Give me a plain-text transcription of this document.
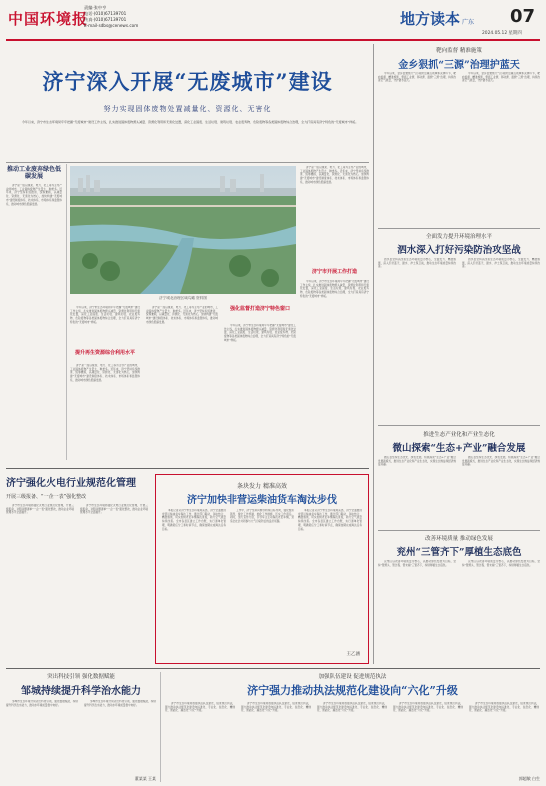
中国环境报
责编·张中亨
电话·(010)67139701
传真·(010)67139701
E-mail·sdbs@cenews.com	地方读本 广东 07
2024.05.12 星期四
济宁深入开展“无废城市”建设
努力实现固体废物处置减量化、资源化、无害化
今年以来，济宁市生态环境局牢牢把握“无废城市”建设工作主线，扎实推进固体废物源头减量、资源化利用和无害化处置，深化工业固废、生活垃圾、建筑垃圾、农业废弃物、危险废物等各类固体废物综合治理，全力打造具有济宁特色的“无废城市”样板。
推动工业废弃绿色低碳发展
济宁是一座以煤炭、电力、化工等为主导产业的城市，工业固体废物产生量大、种类多。近年来，济宁坚持系统推进、统筹兼顾，以减量化、资源化、无害化为核心，加快构建“无废城市”建设制度体系、技术体系、市场体系和监管体系，推动城市绿色低碳发展。
济宁城北治理区域鸟瞰 资料图
济宁是一座以煤炭、电力、化工等为主导产业的城市，工业固体废物产生量大、种类多。近年来，济宁坚持系统推进、统筹兼顾，以减量化、资源化、无害化为核心，加快构建“无废城市”建设制度体系、技术体系、市场体系和监管体系，推动城市绿色低碳发展。
济宁市开展工作打造
今年以来，济宁市生态环境局牢牢把握“无废城市”建设工作主线，扎实推进固体废物源头减量、资源化利用和无害化处置，深化工业固废、生活垃圾、建筑垃圾、农业废弃物、危险废物等各类固体废物综合治理，全力打造具有济宁特色的“无废城市”样板。
今年以来，济宁市生态环境局牢牢把握“无废城市”建设工作主线，扎实推进固体废物源头减量、资源化利用和无害化处置，深化工业固废、生活垃圾、建筑垃圾、农业废弃物、危险废物等各类固体废物综合治理，全力打造具有济宁特色的“无废城市”样板。
提升再生资源综合利用水平
济宁是一座以煤炭、电力、化工等为主导产业的城市，工业固体废物产生量大、种类多。近年来，济宁坚持系统推进、统筹兼顾，以减量化、资源化、无害化为核心，加快构建“无废城市”建设制度体系、技术体系、市场体系和监管体系，推动城市绿色低碳发展。
济宁是一座以煤炭、电力、化工等为主导产业的城市，工业固体废物产生量大、种类多。近年来，济宁坚持系统推进、统筹兼顾，以减量化、资源化、无害化为核心，加快构建“无废城市”建设制度体系、技术体系、市场体系和监管体系，推动城市绿色低碳发展。
强化监督打造济宁特色窗口
今年以来，济宁市生态环境局牢牢把握“无废城市”建设工作主线，扎实推进固体废物源头减量、资源化利用和无害化处置，深化工业固废、生活垃圾、建筑垃圾、农业废弃物、危险废物等各类固体废物综合治理，全力打造具有济宁特色的“无废城市”样板。
靶向监督 精准施策
金乡狠抓“三源”治理护蓝天
今年以来，金乡县聚焦大气污染防治重点领域和关键环节，靶向监督、精准施策，狠抓工业源、移动源、面源“三源”治理，持续改善空气质量，守护碧水蓝天。
今年以来，金乡县聚焦大气污染防治重点领域和关键环节，靶向监督、精准施策，狠抓工业源、移动源、面源“三源”治理，持续改善空气质量，守护碧水蓝天。
全面发力提升环境治理水平
泗水深入打好污染防治攻坚战
泗水县坚持以改善生态环境质量为核心，全面发力、精准施策，深入打好蓝天、碧水、净土保卫战，推动生态环境质量持续改善。
泗水县坚持以改善生态环境质量为核心，全面发力、精准施策，深入打好蓝天、碧水、净土保卫战，推动生态环境质量持续改善。
推进生态产业化和产业生态化
微山探索“生态+产业”融合发展
微山县坚持生态优先、绿色发展，积极探索“生态+产业”融合发展新模式，推进生态产业化和产业生态化，实现生态效益和经济效益双赢。
微山县坚持生态优先、绿色发展，积极探索“生态+产业”融合发展新模式，推进生态产业化和产业生态化，实现生态效益和经济效益双赢。
改善环境质量 推动绿色发展
兖州“三管齐下”厚植生态底色
兖州区以改善环境质量为核心，以推动绿色发展为目标，坚持“管源头、管过程、管末端”三管齐下，持续厚植生态底色。
兖州区以改善环境质量为核心，以推动绿色发展为目标，坚持“管源头、管过程、管末端”三管齐下，持续厚植生态底色。
济宁强化火电行业规范化管理
开展三级报备、“一企一表”强化整改
济宁市生态环境局强化火电行业规范化管理，开展三级报备，对照问题清单“一企一表”强化整改，推动企业环境管理水平全面提升。
济宁市生态环境局强化火电行业规范化管理，开展三级报备，对照问题清单“一企一表”强化整改，推动企业环境管理水平全面提升。
条块发力 精准高效
济宁加快非营运柴油货车淘汰步伐
本报记者从济宁市生态环境局获悉，济宁全面推进非营运柴油货车淘汰工作，通过部门联动、条块结合、精准施策，切实加快老旧车辆淘汰进度，助力空气质量持续改善。全市各县区建立工作台账，实行清单化管理，明确责任分工和时间节点，确保按期完成淘汰任务目标。
工作中，济宁坚持问题导向和目标导向，强化组织领导，健全工作机制，细化工作措施，压实工作责任。同时，加大宣传力度，引导车主主动淘汰老旧车辆，营造全社会共同参与大气污染防治的良好氛围。
本报记者从济宁市生态环境局获悉，济宁全面推进非营运柴油货车淘汰工作，通过部门联动、条块结合、精准施策，切实加快老旧车辆淘汰进度，助力空气质量持续改善。全市各县区建立工作台账，实行清单化管理，明确责任分工和时间节点，确保按期完成淘汰任务目标。
王乙涵
突出科技引领 强化数据赋能
邹城持续提升科学治水能力
邹城市生态环境分局突出科技引领，强化数据赋能，持续提升科学治水能力，推动水环境质量稳中向好。
邹城市生态环境分局突出科技引领，强化数据赋能，持续提升科学治水能力，推动水环境质量稳中向好。
董某某 王某
加强队伍建设 促进规范执法
济宁强力推动执法规范化建设向“六化”升级
济宁市生态环境局加强执法队伍建设，促进规范执法，强力推动执法规范化建设向标准化、专业化、信息化、精细化、智能化、廉洁化“六化”升级。
济宁市生态环境局加强执法队伍建设，促进规范执法，强力推动执法规范化建设向标准化、专业化、信息化、精细化、智能化、廉洁化“六化”升级。
济宁市生态环境局加强执法队伍建设，促进规范执法，强力推动执法规范化建设向标准化、专业化、信息化、精细化、智能化、廉洁化“六化”升级。
济宁市生态环境局加强执法队伍建设，促进规范执法，强力推动执法规范化建设向标准化、专业化、信息化、精细化、智能化、廉洁化“六化”升级。
济宁市生态环境局加强执法队伍建设，促进规范执法，强力推动执法规范化建设向标准化、专业化、信息化、精细化、智能化、廉洁化“六化”升级。
郭超敏 白生
